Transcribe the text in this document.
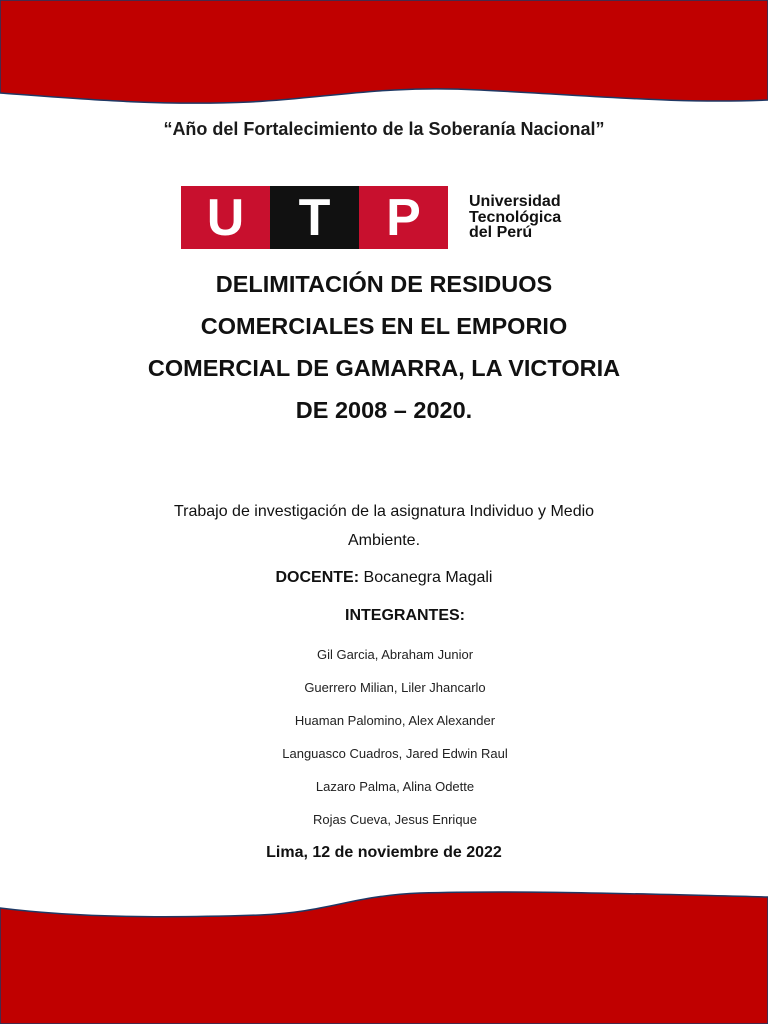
“Año del Fortalecimiento de la Soberanía Nacional”
U	T	P	Universidad
Tecnológica
del Perú
DELIMITACIÓN DE RESIDUOS
COMERCIALES EN EL EMPORIO
COMERCIAL DE GAMARRA, LA VICTORIA
DE 2008 – 2020.
Trabajo de investigación de la asignatura Individuo y Medio
Ambiente.
DOCENTE: Bocanegra Magali
INTEGRANTES:
Gil Garcia, Abraham Junior
Guerrero Milian, Liler Jhancarlo
Huaman Palomino, Alex Alexander
Languasco Cuadros, Jared Edwin Raul
Lazaro Palma, Alina Odette
Rojas Cueva, Jesus Enrique
Lima, 12 de noviembre de 2022
